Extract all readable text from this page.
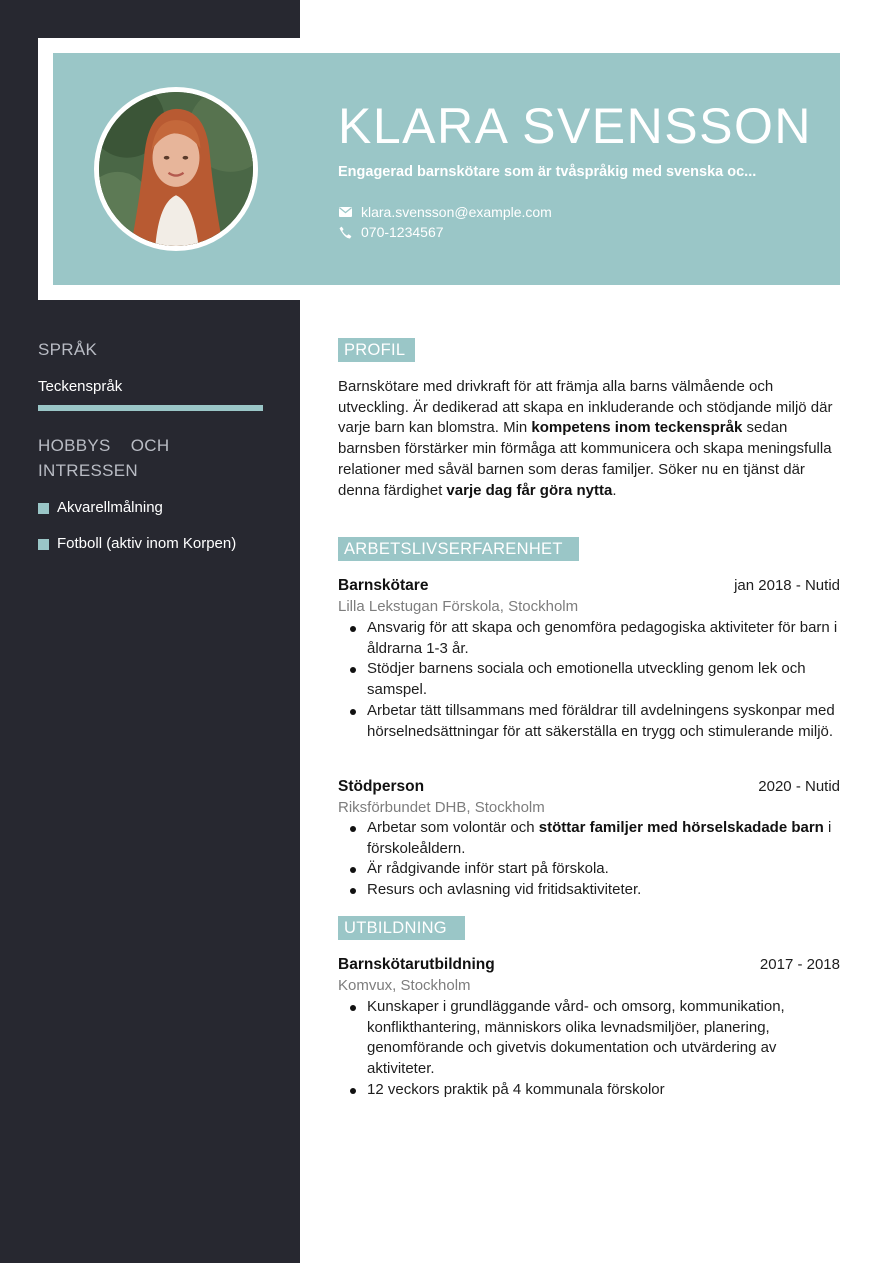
KLARA SVENSSON
Engagerad barnskötare som är tvåspråkig med svenska oc...
klara.svensson@example.com
070-1234567
SPRÅK
Teckenspråk
HOBBYS    OCH
INTRESSEN
Akvarellmålning
Fotboll (aktiv inom Korpen)
PROFIL
Barnskötare med drivkraft för att främja alla barns välmående och utveckling. Är dedikerad att skapa en inkluderande och stödjande miljö där varje barn kan blomstra. Min kompetens inom teckenspråk sedan barnsben förstärker min förmåga att kommunicera och skapa meningsfulla relationer med såväl barnen som deras familjer. Söker nu en tjänst där denna färdighet varje dag får göra nytta.
ARBETSLIVSERFARENHET
Barnskötare	jan 2018 - Nutid
Lilla Lekstugan Förskola, Stockholm
Ansvarig för att skapa och genomföra pedagogiska aktiviteter för barn i åldrarna 1-3 år.
Stödjer barnens sociala och emotionella utveckling genom lek och samspel.
Arbetar tätt tillsammans med föräldrar till avdelningens syskonpar med hörselnedsättningar för att säkerställa en trygg och stimulerande miljö.
Stödperson	2020 - Nutid
Riksförbundet DHB, Stockholm
Arbetar som volontär och stöttar familjer med hörselskadade barn i förskoleåldern.
Är rådgivande inför start på förskola.
Resurs och avlasning vid fritidsaktiviteter.
UTBILDNING
Barnskötarutbildning	2017 - 2018
Komvux, Stockholm
Kunskaper i grundläggande vård- och omsorg, kommunikation, konflikthantering, människors olika levnadsmiljöer, planering, genomförande och givetvis dokumentation och utvärdering av aktiviteter.
12 veckors praktik på 4 kommunala förskolor
